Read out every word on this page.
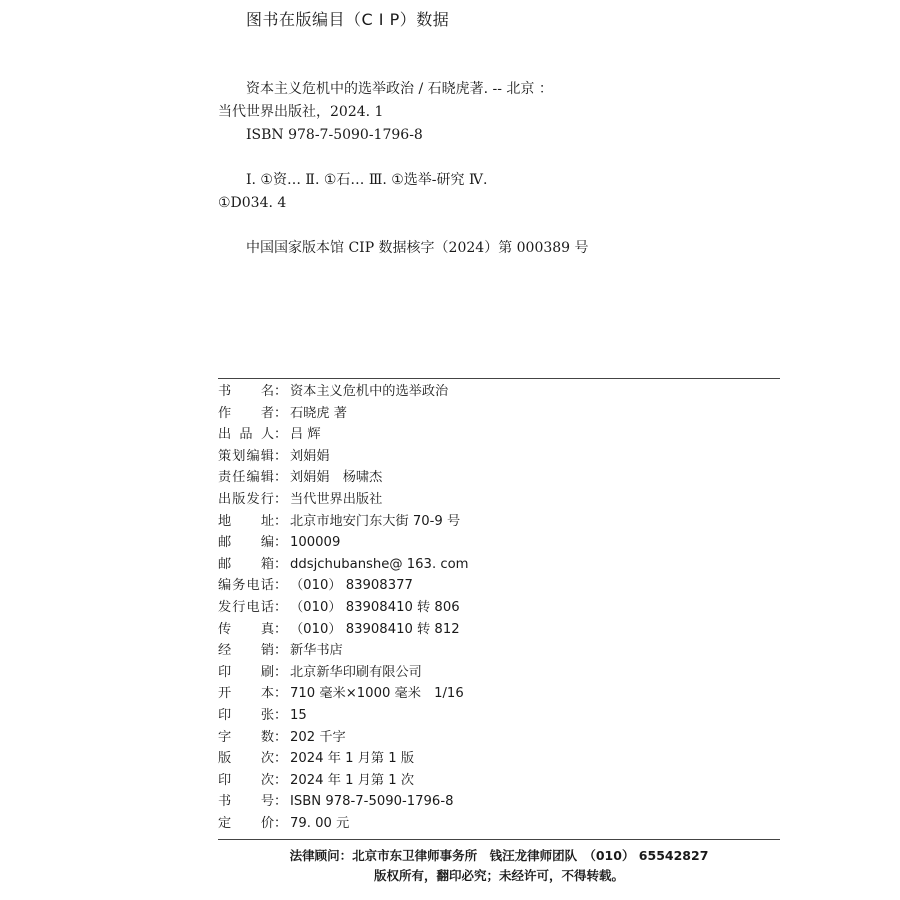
图书在版编目（C I P）数据
资本主义危机中的选举政治 / 石晓虎著. -- 北京 ：
当代世界出版社，2024. 1
ISBN 978-7-5090-1796-8
Ⅰ. ①资… Ⅱ. ①石… Ⅲ. ①选举-研究 Ⅳ.
①D034. 4
中国国家版本馆 CIP 数据核字（2024）第 000389 号
书 名 ： 资本主义危机中的选举政治
作 者 ： 石晓虎 著
出 品 人 ： 吕 辉
策 划 编 辑 ： 刘娟娟
责 任 编 辑 ： 刘娟娟　杨啸杰
出 版 发 行 ： 当代世界出版社
地 址 ： 北京市地安门东大街 70-9 号
邮 编 ： 100009
邮 箱 ： ddsjchubanshe@ 163. com
编 务 电 话 ： （010） 83908377
发 行 电 话 ： （010） 83908410 转 806
传 真 ： （010） 83908410 转 812
经 销 ： 新华书店
印 刷 ： 北京新华印刷有限公司
开 本 ： 710 毫米×1000 毫米　1/16
印 张 ： 15
字 数 ： 202 千字
版 次 ： 2024 年 1 月第 1 版
印 次 ： 2024 年 1 月第 1 次
书 号 ： ISBN 978-7-5090-1796-8
定 价 ： 79. 00 元
法律顾问：北京市东卫律师事务所　钱汪龙律师团队　（010） 65542827
版权所有，翻印必究；未经许可，不得转载。
